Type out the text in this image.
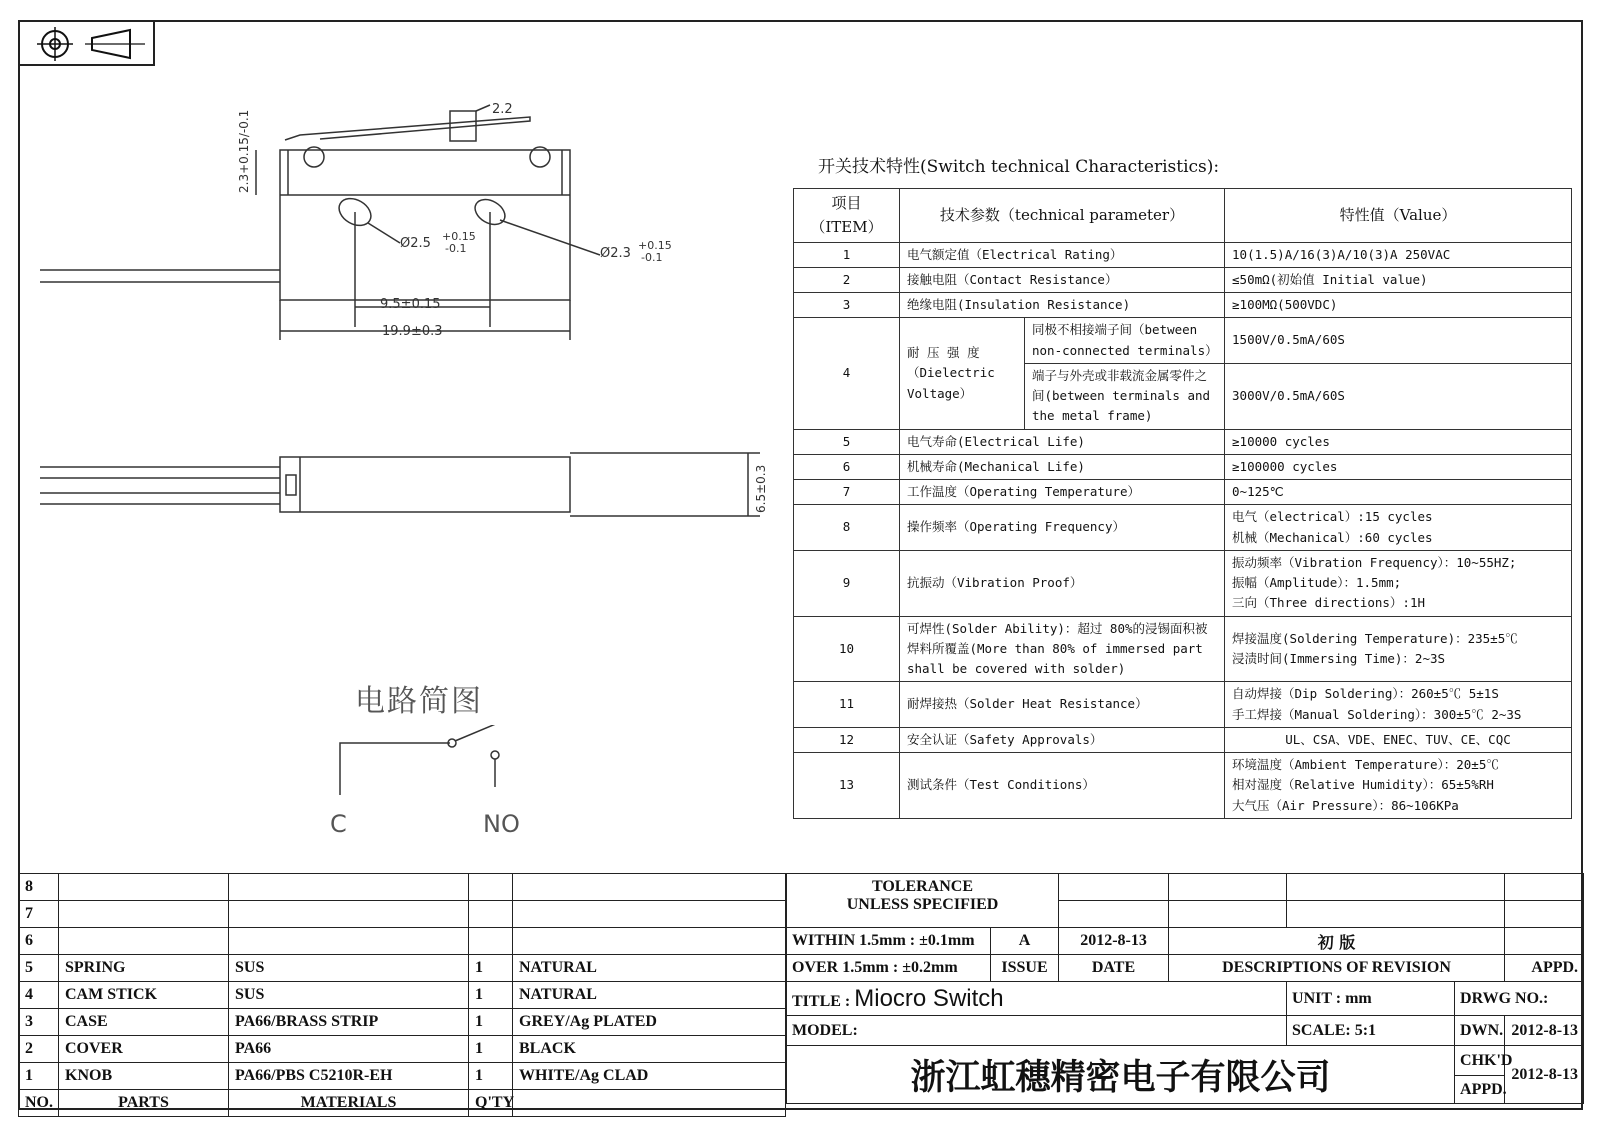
2.2
2.3+0.15/-0.1
Ø2.5 +0.15
-0.1	Ø2.3
+0.15
-0.1
9.5±0.15
19.9±0.3
6.5±0.3
电路简图
C	NO
开关技术特性(Switch technical Characteristics):
项目
（ITEM）	技术参数（technical parameter）		特性值（Value）
1	电气额定值（Electrical Rating）		10(1.5)A/16(3)A/10(3)A 250VAC
2	接触电阻（Contact Resistance）		≤50mΩ(初始值 Initial value)
3	绝缘电阻(Insulation Resistance)		≥100MΩ(500VDC)
4	耐 压 强 度（Dielectric Voltage）	同极不相接端子间（between non-connected terminals）	1500V/0.5mA/60S
		端子与外壳或非载流金属零件之间(between terminals and the metal frame)	3000V/0.5mA/60S
5	电气寿命(Electrical Life)		≥10000 cycles
6	机械寿命(Mechanical Life)		≥100000 cycles
7	工作温度（Operating Temperature）		0~125℃
8	操作频率（Operating Frequency）		电气（electrical）:15 cycles
机械（Mechanical）:60 cycles
9	抗振动（Vibration Proof）		振动频率（Vibration Frequency）：10~55HZ;
振幅（Amplitude）：1.5mm;
三向（Three directions）:1H
10	可焊性(Solder Ability)：超过 80%的浸锡面积被焊料所覆盖(More than 80% of immersed part shall be covered with solder)		焊接温度(Soldering Temperature)：235±5℃
浸渍时间(Immersing Time)：2~3S
11	耐焊接热（Solder Heat Resistance）		自动焊接（Dip Soldering）：260±5℃ 5±1S
手工焊接（Manual Soldering）：300±5℃ 2~3S
12	安全认证（Safety Approvals）		UL、CSA、VDE、ENEC、TUV、CE、CQC
13	测试条件（Test Conditions）		环境温度（Ambient Temperature）：20±5℃
相对湿度（Relative Humidity）：65±5%RH
大气压（Air Pressure）：86~106KPa
8				
7				
6				
5	SPRING	SUS	1	NATURAL
4	CAM STICK	SUS	1	NATURAL
3	CASE	PA66/BRASS STRIP	1	GREY/Ag PLATED
2	COVER	PA66	1	BLACK
1	KNOB	PA66/PBS C5210R-EH	1	WHITE/Ag CLAD
NO.	PARTS	MATERIALS	Q'TY	
TOLERANCE
UNLESS SPECIFIED						

WITHIN 1.5mm : ±0.1mm	A	2012-8-13	初 版			
OVER 1.5mm : ±0.2mm	ISSUE	DATE	DESCRIPTIONS OF REVISION			APPD.
TITLE : Miocro Switch				UNIT : mm	DRWG NO.:	
MODEL:				SCALE: 5:1	DWN.	2012-8-13
浙江虹穗精密电子有限公司					CHK'D	2012-8-13
					APPD.	
